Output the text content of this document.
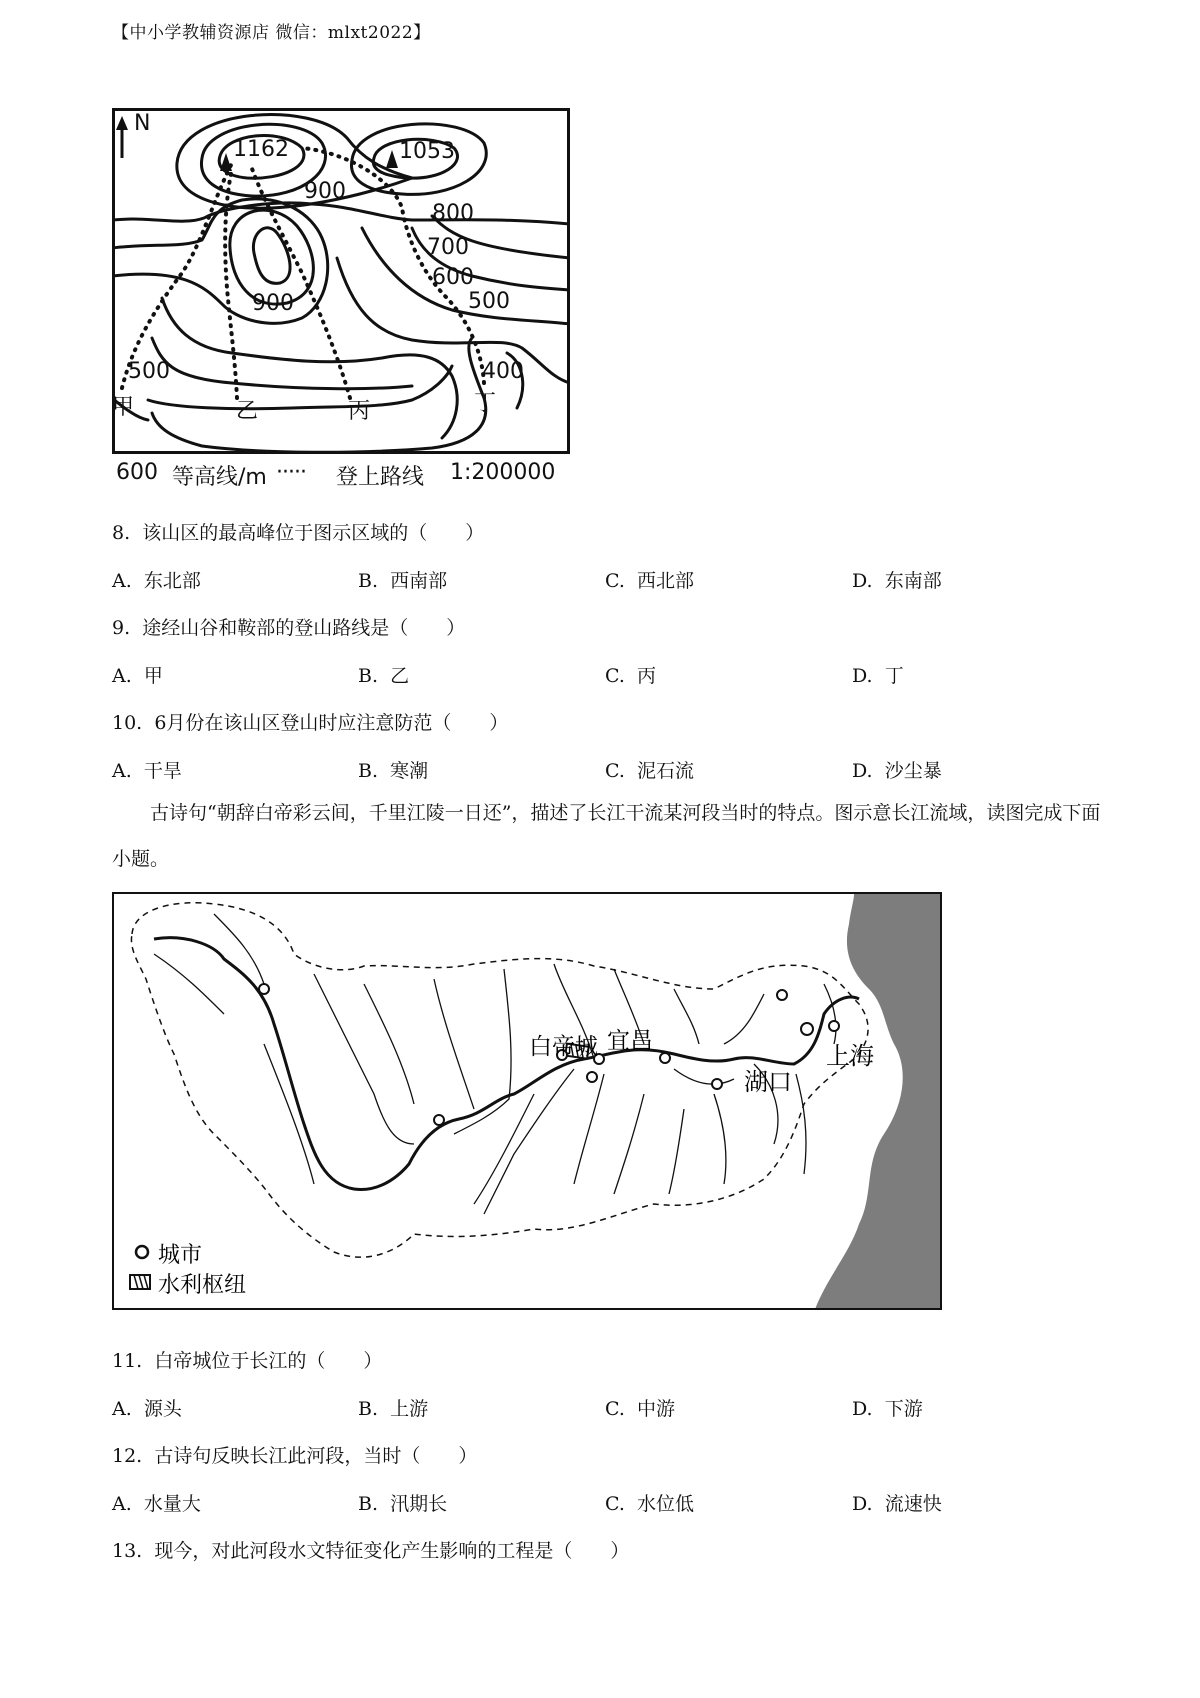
【中小学教辅资源店 微信：mlxt2022】
N
1162	1053
900
800
700
600
500
900
500	400
甲	乙	丙	丁
600 等高线/m ····· 登上路线 1:200000
8. 该山区的最高峰位于图示区域的（　　）
A. 东北部	B. 西南部	C. 西北部	D. 东南部
9. 途经山谷和鞍部的登山路线是（　　）
A. 甲	B. 乙	C. 丙	D. 丁
10. 6月份在该山区登山时应注意防范（　　）
A. 干旱	B. 寒潮	C. 泥石流	D. 沙尘暴
古诗句“朝辞白帝彩云间，千里江陵一日还”，描述了长江干流某河段当时的特点。图示意长江流域，读图完成下面小题。
白帝城 宜昌
湖口
上海
城市
水利枢纽
11. 白帝城位于长江的（　　）
A. 源头	B. 上游	C. 中游	D. 下游
12. 古诗句反映长江此河段，当时（　　）
A. 水量大	B. 汛期长	C. 水位低	D. 流速快
13. 现今，对此河段水文特征变化产生影响的工程是（　　）
